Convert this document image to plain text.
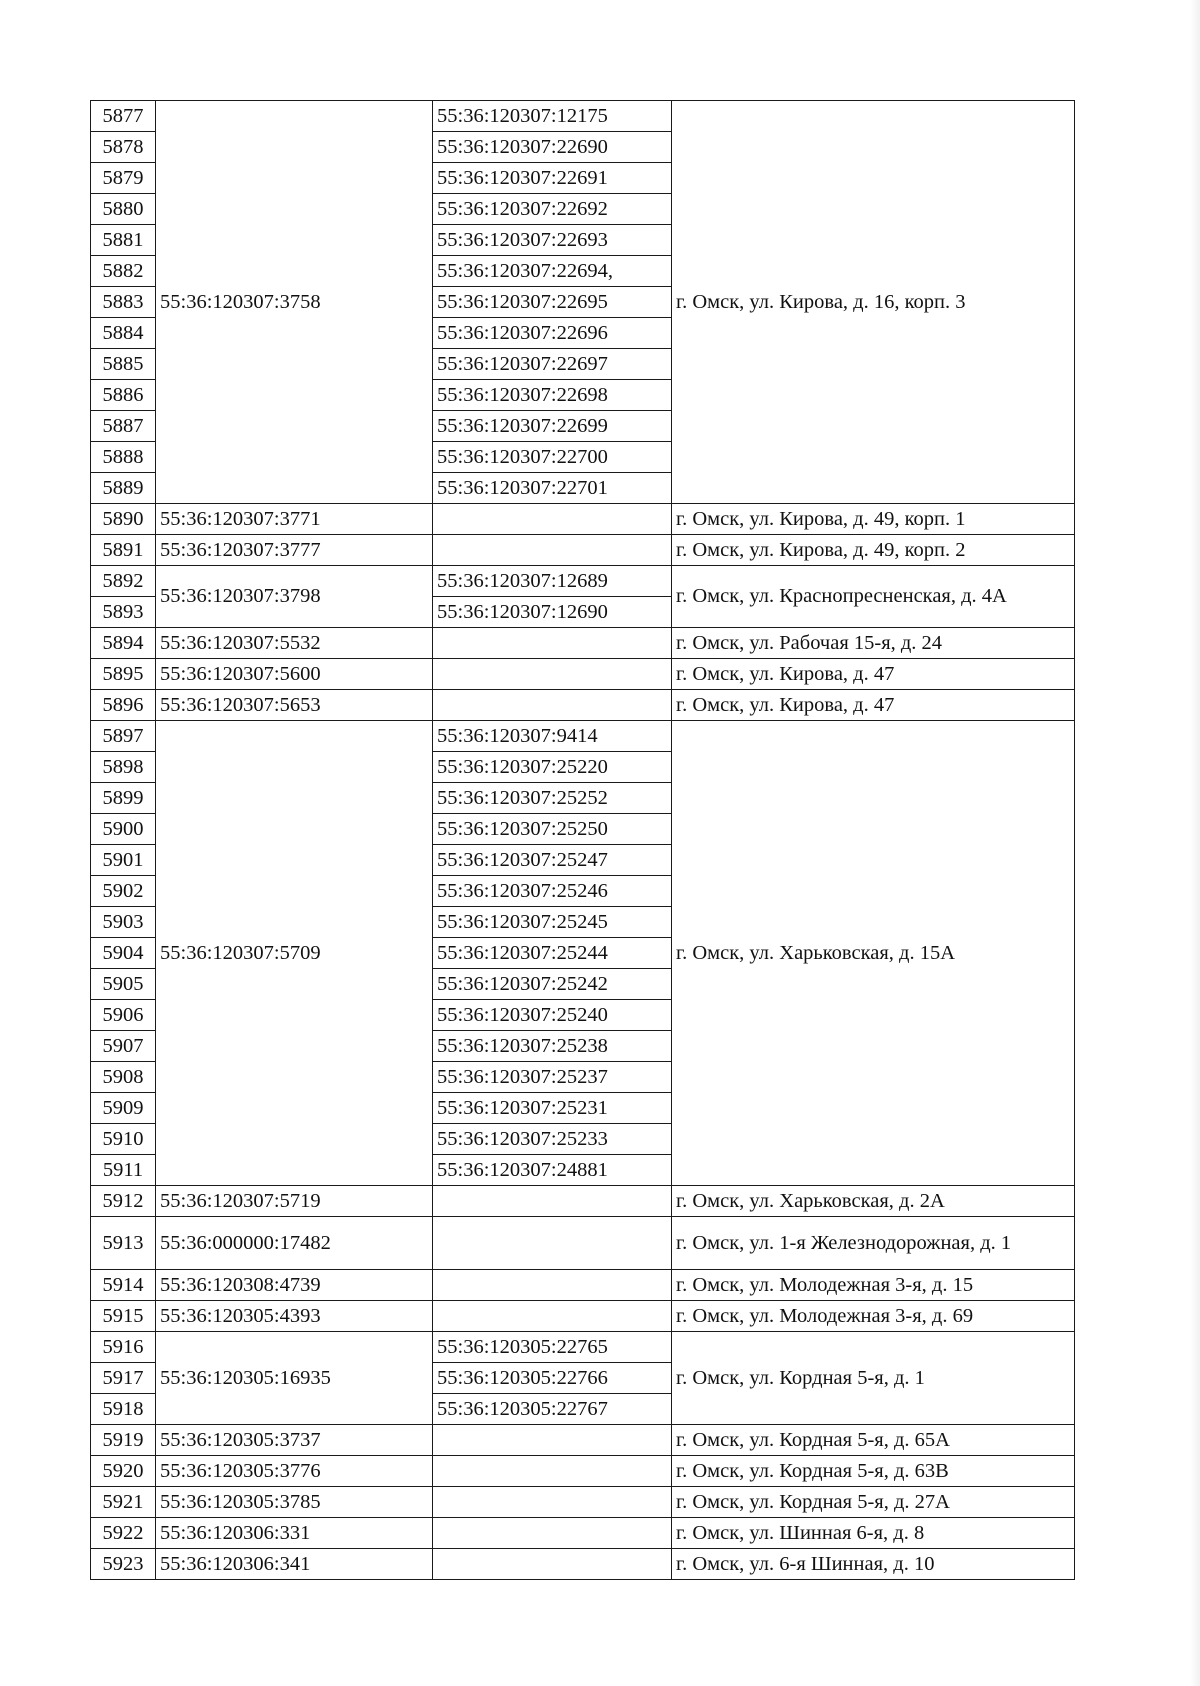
5877	55:36:120307:3758	55:36:120307:12175	г. Омск, ул. Кирова, д. 16, корп. 3
5878		55:36:120307:22690	
5879		55:36:120307:22691	
5880		55:36:120307:22692	
5881		55:36:120307:22693	
5882		55:36:120307:22694,	
5883		55:36:120307:22695	
5884		55:36:120307:22696	
5885		55:36:120307:22697	
5886		55:36:120307:22698	
5887		55:36:120307:22699	
5888		55:36:120307:22700	
5889		55:36:120307:22701	
5890	55:36:120307:3771		г. Омск, ул. Кирова, д. 49, корп. 1
5891	55:36:120307:3777		г. Омск, ул. Кирова, д. 49, корп. 2
5892	55:36:120307:3798	55:36:120307:12689	г. Омск, ул. Краснопресненская, д. 4А
5893		55:36:120307:12690	
5894	55:36:120307:5532		г. Омск, ул. Рабочая 15-я, д. 24
5895	55:36:120307:5600		г. Омск, ул. Кирова, д. 47
5896	55:36:120307:5653		г. Омск, ул. Кирова, д. 47
5897	55:36:120307:5709	55:36:120307:9414	г. Омск, ул. Харьковская, д. 15А
5898		55:36:120307:25220	
5899		55:36:120307:25252	
5900		55:36:120307:25250	
5901		55:36:120307:25247	
5902		55:36:120307:25246	
5903		55:36:120307:25245	
5904		55:36:120307:25244	
5905		55:36:120307:25242	
5906		55:36:120307:25240	
5907		55:36:120307:25238	
5908		55:36:120307:25237	
5909		55:36:120307:25231	
5910		55:36:120307:25233	
5911		55:36:120307:24881	
5912	55:36:120307:5719		г. Омск, ул. Харьковская, д. 2А
5913	55:36:000000:17482		г. Омск, ул. 1-я Железнодорожная, д. 1
5914	55:36:120308:4739		г. Омск, ул. Молодежная 3-я, д. 15
5915	55:36:120305:4393		г. Омск, ул. Молодежная 3-я, д. 69
5916	55:36:120305:16935	55:36:120305:22765	г. Омск, ул. Кордная 5-я, д. 1
5917		55:36:120305:22766	
5918		55:36:120305:22767	
5919	55:36:120305:3737		г. Омск, ул. Кордная 5-я, д. 65А
5920	55:36:120305:3776		г. Омск, ул. Кордная 5-я, д. 63В
5921	55:36:120305:3785		г. Омск, ул. Кордная 5-я, д. 27А
5922	55:36:120306:331		г. Омск, ул. Шинная 6-я, д. 8
5923	55:36:120306:341		г. Омск, ул. 6-я Шинная, д. 10
